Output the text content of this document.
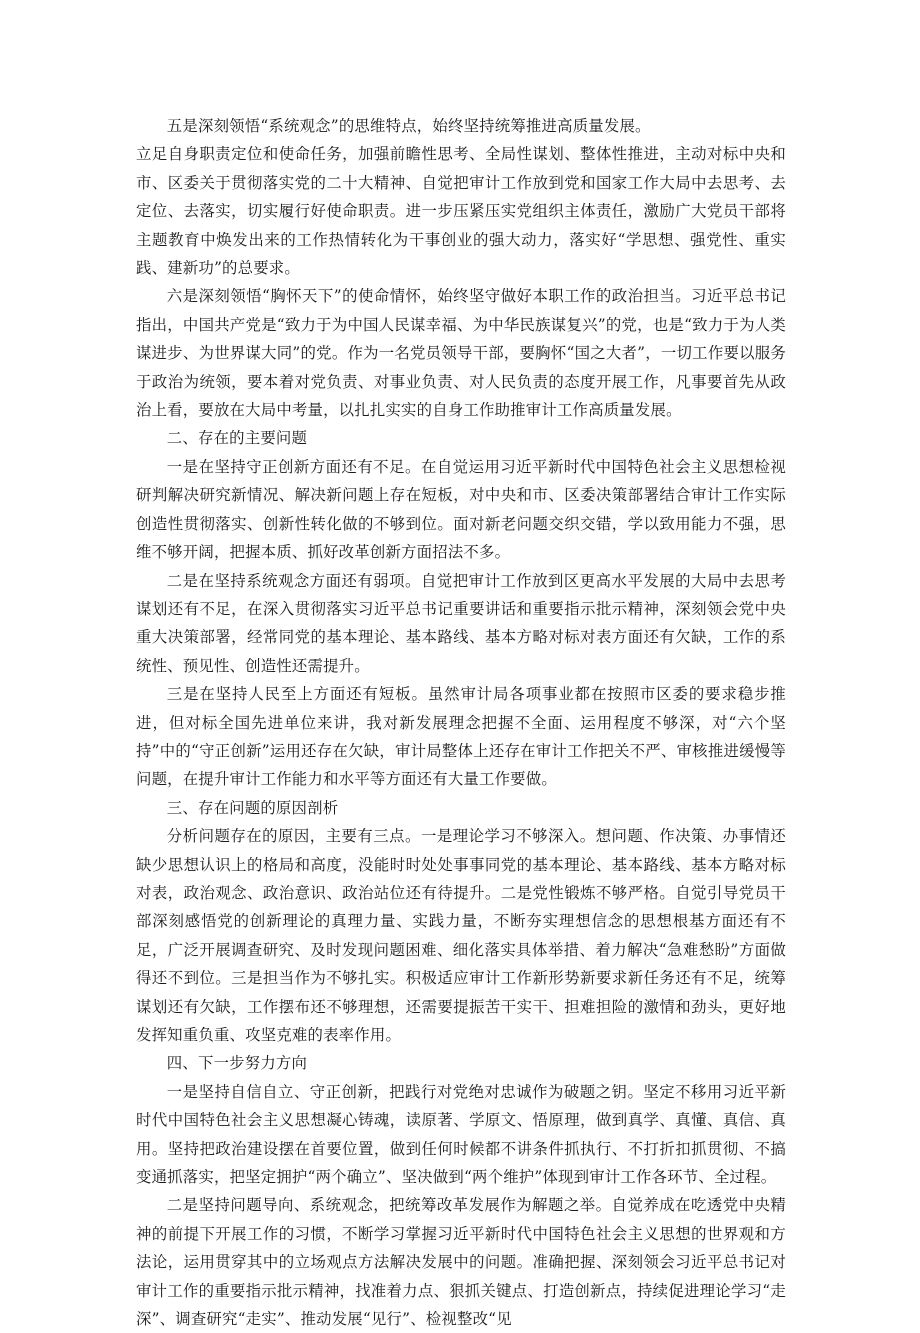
五是深刻领悟“系统观念”的思维特点，始终坚持统筹推进高质量发展。

立足自身职责定位和使命任务，加强前瞻性思考、全局性谋划、整体性推进，主动对标中央和市、区委关于贯彻落实党的二十大精神、自觉把审计工作放到党和国家工作大局中去思考、去定位、去落实，切实履行好使命职责。进一步压紧压实党组织主体责任，激励广大党员干部将主题教育中焕发出来的工作热情转化为干事创业的强大动力，落实好“学思想、强党性、重实践、建新功”的总要求。

六是深刻领悟“胸怀天下”的使命情怀，始终坚守做好本职工作的政治担当。习近平总书记指出，中国共产党是“致力于为中国人民谋幸福、为中华民族谋复兴”的党，也是“致力于为人类谋进步、为世界谋大同”的党。作为一名党员领导干部，要胸怀“国之大者”，一切工作要以服务于政治为统领，要本着对党负责、对事业负责、对人民负责的态度开展工作，凡事要首先从政治上看，要放在大局中考量，以扎扎实实的自身工作助推审计工作高质量发展。

二、存在的主要问题

一是在坚持守正创新方面还有不足。在自觉运用习近平新时代中国特色社会主义思想检视研判解决研究新情况、解决新问题上存在短板，对中央和市、区委决策部署结合审计工作实际创造性贯彻落实、创新性转化做的不够到位。面对新老问题交织交错，学以致用能力不强，思维不够开阔，把握本质、抓好改革创新方面招法不多。

二是在坚持系统观念方面还有弱项。自觉把审计工作放到区更高水平发展的大局中去思考谋划还有不足，在深入贯彻落实习近平总书记重要讲话和重要指示批示精神，深刻领会党中央重大决策部署，经常同党的基本理论、基本路线、基本方略对标对表方面还有欠缺，工作的系统性、预见性、创造性还需提升。

三是在坚持人民至上方面还有短板。虽然审计局各项事业都在按照市区委的要求稳步推进，但对标全国先进单位来讲，我对新发展理念把握不全面、运用程度不够深，对“六个坚持”中的“守正创新”运用还存在欠缺，审计局整体上还存在审计工作把关不严、审核推进缓慢等问题，在提升审计工作能力和水平等方面还有大量工作要做。

三、存在问题的原因剖析

分析问题存在的原因，主要有三点。一是理论学习不够深入。想问题、作决策、办事情还缺少思想认识上的格局和高度，没能时时处处事事同党的基本理论、基本路线、基本方略对标对表，政治观念、政治意识、政治站位还有待提升。二是党性锻炼不够严格。自觉引导党员干部深刻感悟党的创新理论的真理力量、实践力量，不断夯实理想信念的思想根基方面还有不足，广泛开展调查研究、及时发现问题困难、细化落实具体举措、着力解决“急难愁盼”方面做得还不到位。三是担当作为不够扎实。积极适应审计工作新形势新要求新任务还有不足，统筹谋划还有欠缺，工作摆布还不够理想，还需要提振苦干实干、担难担险的激情和劲头，更好地发挥知重负重、攻坚克难的表率作用。

四、下一步努力方向

一是坚持自信自立、守正创新，把践行对党绝对忠诚作为破题之钥。坚定不移用习近平新时代中国特色社会主义思想凝心铸魂，读原著、学原文、悟原理，做到真学、真懂、真信、真用。坚持把政治建设摆在首要位置，做到任何时候都不讲条件抓执行、不打折扣抓贯彻、不搞变通抓落实，把坚定拥护“两个确立”、坚决做到“两个维护”体现到审计工作各环节、全过程。

二是坚持问题导向、系统观念，把统筹改革发展作为解题之举。自觉养成在吃透党中央精神的前提下开展工作的习惯，不断学习掌握习近平新时代中国特色社会主义思想的世界观和方法论，运用贯穿其中的立场观点方法解决发展中的问题。准确把握、深刻领会习近平总书记对审计工作的重要指示批示精神，找准着力点、狠抓关键点、打造创新点，持续促进理论学习“走深”、调查研究“走实”、推动发展“见行”、检视整改“见
